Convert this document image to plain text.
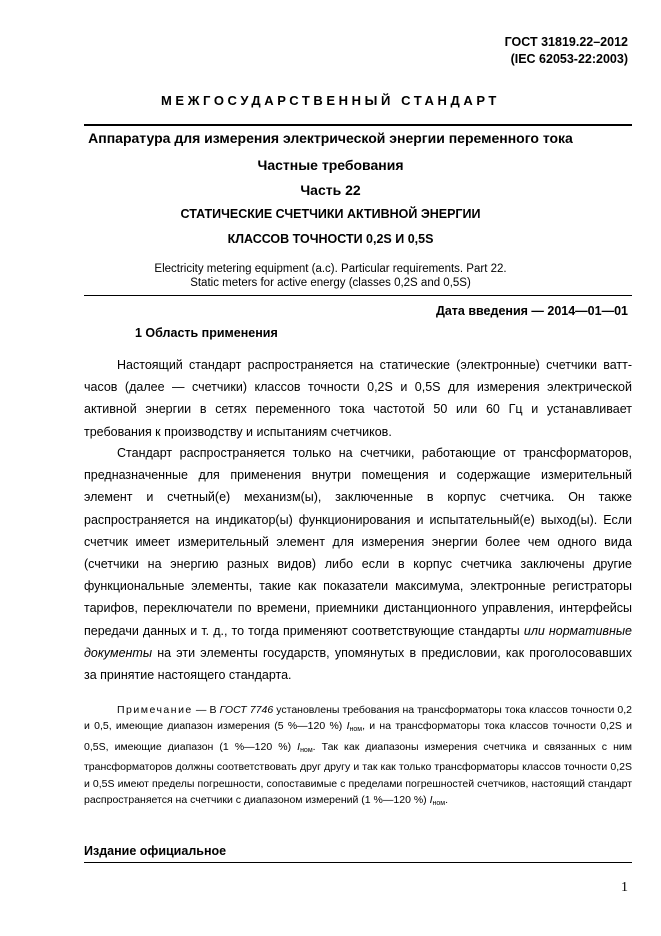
ГОСТ 31819.22–2012
(IEC 62053-22:2003)
МЕЖГОСУДАРСТВЕННЫЙ СТАНДАРТ
Аппаратура для измерения электрической энергии переменного тока
Частные требования
Часть 22
СТАТИЧЕСКИЕ СЧЕТЧИКИ АКТИВНОЙ ЭНЕРГИИ
КЛАССОВ ТОЧНОСТИ 0,2S И 0,5S
Electricity metering equipment (a.c). Particular requirements. Part 22.
Static meters for active energy (classes 0,2S and 0,5S)
Дата введения — 2014—01—01
1 Область применения

Настоящий стандарт распространяется на статические (электронные) счетчики ватт-часов (далее — счетчики) классов точности 0,2S и 0,5S для измерения электрической активной энергии в сетях переменного тока частотой 50 или 60 Гц и устанавливает требования к производству и испытаниям счетчиков.

Стандарт распространяется только на счетчики, работающие от трансформаторов, предназначенные для применения внутри помещения и содержащие измерительный элемент и счетный(е) механизм(ы), заключенные в корпус счетчика. Он также распространяется на индикатор(ы) функционирования и испытательный(е) выход(ы). Если счетчик имеет измерительный элемент для измерения энергии более чем одного вида (счетчики на энергию разных видов) либо если в корпус счетчика заключены другие функциональные элементы, такие как показатели максимума, электронные регистраторы тарифов, переключатели по времени, приемники дистанционного управления, интерфейсы передачи данных и т. д., то тогда применяют соответствующие стандарты или нормативные документы на эти элементы государств, упомянутых в предисловии, как проголосовавших за принятие настоящего стандарта.

Примечание — В ГОСТ 7746 установлены требования на трансформаторы тока классов точности 0,2 и 0,5, имеющие диапазон измерения (5 %—120 %) $I_{ном}$, и на трансформаторы тока классов точности 0,2S и 0,5S, имеющие диапазон (1 %—120 %) $I_{ном}$. Так как диапазоны измерения счетчика и связанных с ним трансформаторов должны соответствовать друг другу и так как только трансформаторы классов точности 0,2S и 0,5S имеют пределы погрешности, сопоставимые с пределами погрешностей счетчиков, настоящий стандарт распространяется на счетчики с диапазоном измерений (1 %—120 %) $I_{ном}$.

Издание официальное
1
